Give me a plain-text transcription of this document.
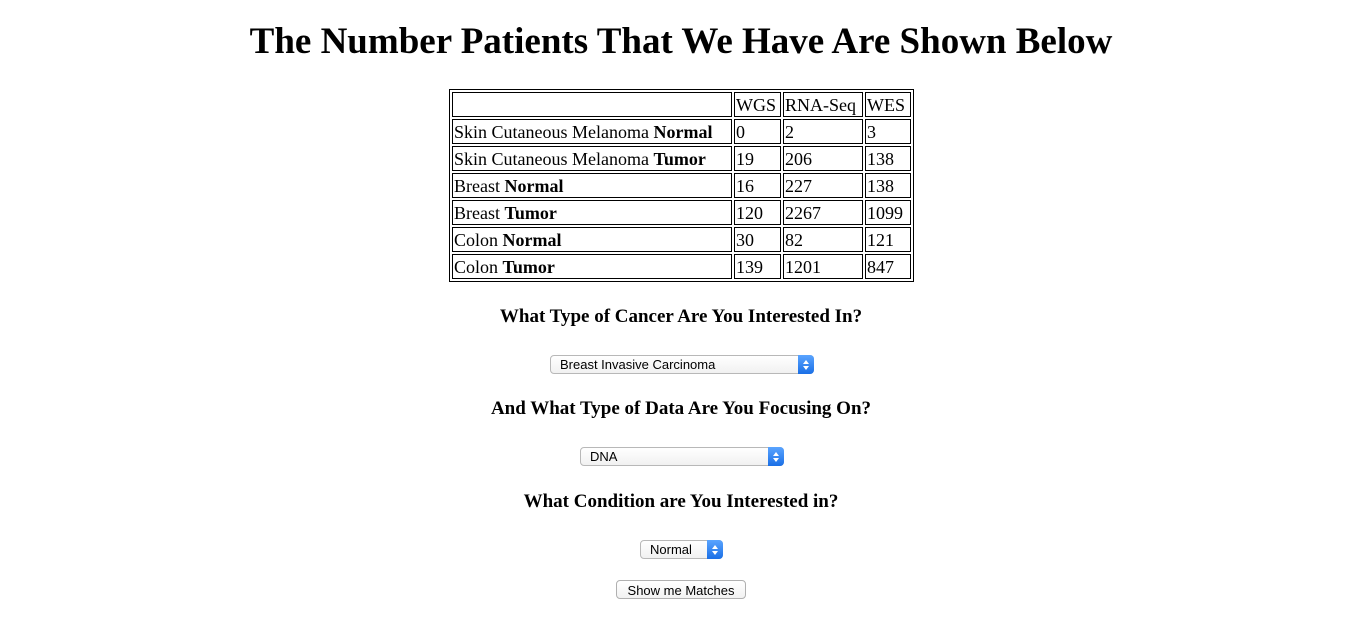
The Number Patients That We Have Are Shown Below
	WGS	RNA-Seq	WES
Skin Cutaneous Melanoma Normal	0	2	3
Skin Cutaneous Melanoma Tumor	19	206	138
Breast Normal	16	227	138
Breast Tumor	120	2267	1099
Colon Normal	30	82	121
Colon Tumor	139	1201	847
What Type of Cancer Are You Interested In?
Breast Invasive Carcinoma
And What Type of Data Are You Focusing On?
DNA
What Condition are You Interested in?
Normal
Show me Matches
